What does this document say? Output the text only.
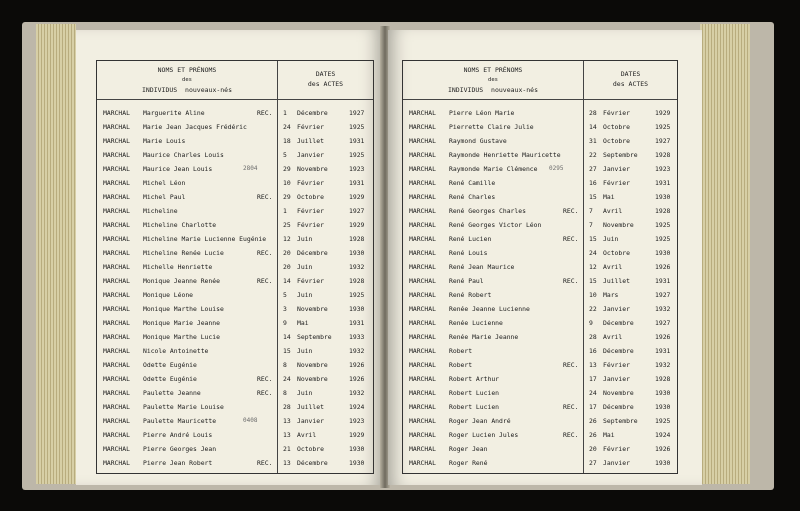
NOMS ET PRÉNOMS
des
INDIVIDUS nouveaux-nés
DATES
des ACTES
MARCHAL Marguerite Aline	REC. 1 Décembre	1927
MARCHAL Marie Jean Jacques Frédéric	24 Février	1925
MARCHAL Marie Louis	18 Juillet	1931
MARCHAL Maurice Charles Louis	5 Janvier	1925
MARCHAL Maurice Jean Louis	2804	29 Novembre	1923
MARCHAL Michel Léon	10 Février	1931
MARCHAL Michel Paul	REC. 29 Octobre	1929
MARCHAL Micheline	1 Février	1927
MARCHAL Micheline Charlotte	25 Février	1929
MARCHAL Micheline Marie Lucienne Eugénie	12 Juin	1928
MARCHAL Micheline Renée Lucie	REC. 20 Décembre	1930
MARCHAL Michelle Henriette	20 Juin	1932
MARCHAL Monique Jeanne Renée	REC. 14 Février	1928
MARCHAL Monique Léone	5 Juin	1925
MARCHAL Monique Marthe Louise	3 Novembre	1930
MARCHAL Monique Marie Jeanne	9 Mai	1931
MARCHAL Monique Marthe Lucie	14 Septembre	1933
MARCHAL Nicole Antoinette	15 Juin	1932
MARCHAL Odette Eugénie	8 Novembre	1926
MARCHAL Odette Eugénie	REC. 24 Novembre	1926
MARCHAL Paulette Jeanne	REC. 8 Juin	1932
MARCHAL Paulette Marie Louise	28 Juillet	1924
MARCHAL Paulette Mauricette	0408	13 Janvier	1923
MARCHAL Pierre André Louis	13 Avril	1929
MARCHAL Pierre Georges Jean	21 Octobre	1930
MARCHAL Pierre Jean Robert	REC. 13 Décembre	1930
NOMS ET PRÉNOMS
des
INDIVIDUS nouveaux-nés
DATES
des ACTES
MARCHAL Pierre Léon Marie	28 Février	1929
MARCHAL Pierrette Claire Julie	14 Octobre	1925
MARCHAL Raymond Gustave	31 Octobre	1927
MARCHAL Raymonde Henriette Mauricette	22 Septembre	1928
MARCHAL Raymonde Marie Clémence 0295	27 Janvier	1923
MARCHAL René Camille	16 Février	1931
MARCHAL René Charles	15 Mai	1930
MARCHAL René Georges Charles	REC. 7 Avril	1928
MARCHAL René Georges Victor Léon	7 Novembre	1925
MARCHAL René Lucien	REC. 15 Juin	1925
MARCHAL René Louis	24 Octobre	1930
MARCHAL René Jean Maurice	12 Avril	1926
MARCHAL René Paul	REC. 15 Juillet	1931
MARCHAL René Robert	10 Mars	1927
MARCHAL Renée Jeanne Lucienne	22 Janvier	1932
MARCHAL Renée Lucienne	9 Décembre	1927
MARCHAL Renée Marie Jeanne	28 Avril	1926
MARCHAL Robert	16 Décembre	1931
MARCHAL Robert	REC. 13 Février	1932
MARCHAL Robert Arthur	17 Janvier	1928
MARCHAL Robert Lucien	24 Novembre	1930
MARCHAL Robert Lucien	REC. 17 Décembre	1930
MARCHAL Roger Jean André	26 Septembre	1925
MARCHAL Roger Lucien Jules	REC. 26 Mai	1924
MARCHAL Roger Jean	20 Février	1926
MARCHAL Roger René	27 Janvier	1930
